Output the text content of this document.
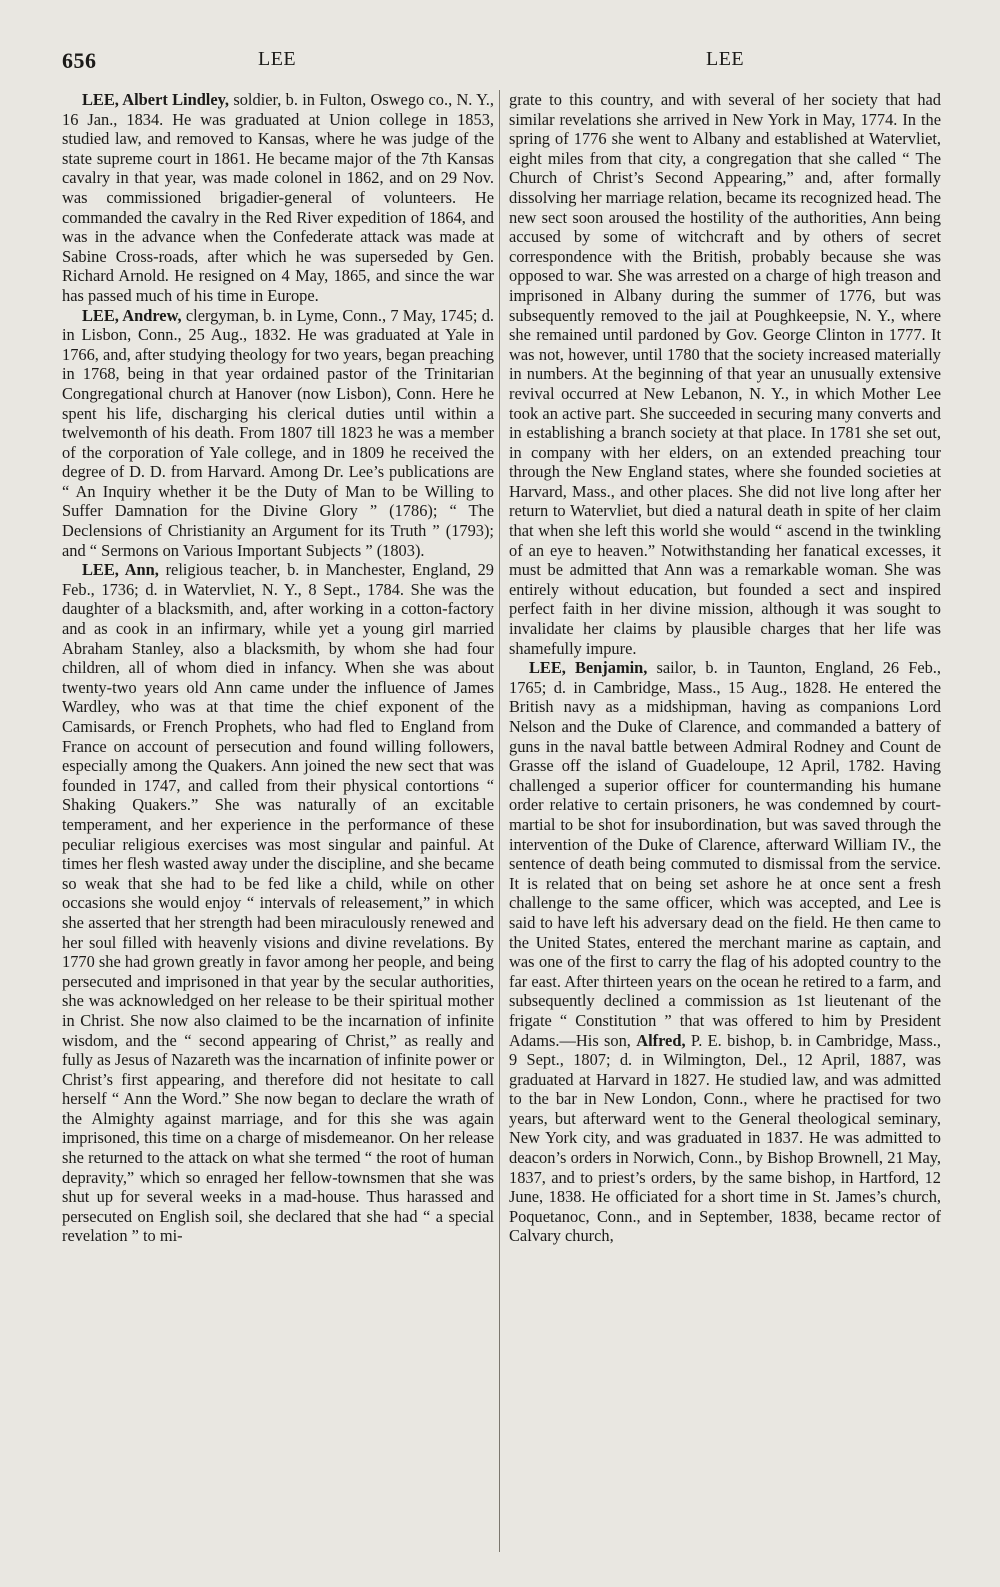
656	LEE	LEE

LEE, Albert Lindley, soldier, b. in Fulton, Oswego co., N. Y., 16 Jan., 1834. He was graduated at Union college in 1853, studied law, and removed to Kansas, where he was judge of the state supreme court in 1861. He became major of the 7th Kansas cavalry in that year, was made colonel in 1862, and on 29 Nov. was commissioned brigadier-general of volunteers. He commanded the cavalry in the Red River expedition of 1864, and was in the advance when the Confederate attack was made at Sabine Cross-roads, after which he was superseded by Gen. Richard Arnold. He resigned on 4 May, 1865, and since the war has passed much of his time in Europe.

LEE, Andrew, clergyman, b. in Lyme, Conn., 7 May, 1745; d. in Lisbon, Conn., 25 Aug., 1832. He was graduated at Yale in 1766, and, after studying theology for two years, began preaching in 1768, being in that year ordained pastor of the Trinitarian Congregational church at Hanover (now Lisbon), Conn. Here he spent his life, discharging his clerical duties until within a twelvemonth of his death. From 1807 till 1823 he was a member of the corporation of Yale college, and in 1809 he received the degree of D. D. from Harvard. Among Dr. Lee’s publications are “ An Inquiry whether it be the Duty of Man to be Willing to Suffer Damnation for the Divine Glory ” (1786); “ The Declensions of Christianity an Argument for its Truth ” (1793); and “ Sermons on Various Important Subjects ” (1803).

LEE, Ann, religious teacher, b. in Manchester, England, 29 Feb., 1736; d. in Watervliet, N. Y., 8 Sept., 1784. She was the daughter of a blacksmith, and, after working in a cotton-factory and as cook in an infirmary, while yet a young girl married Abraham Stanley, also a blacksmith, by whom she had four children, all of whom died in infancy. When she was about twenty-two years old Ann came under the influence of James Wardley, who was at that time the chief exponent of the Camisards, or French Prophets, who had fled to England from France on account of persecution and found willing followers, especially among the Quakers. Ann joined the new sect that was founded in 1747, and called from their physical contortions “ Shaking Quakers.” She was naturally of an excitable temperament, and her experience in the performance of these peculiar religious exercises was most singular and painful. At times her flesh wasted away under the discipline, and she became so weak that she had to be fed like a child, while on other occasions she would enjoy “ intervals of releasement,” in which she asserted that her strength had been miraculously renewed and her soul filled with heavenly visions and divine revelations. By 1770 she had grown greatly in favor among her people, and being persecuted and imprisoned in that year by the secular authorities, she was acknowledged on her release to be their spiritual mother in Christ. She now also claimed to be the incarnation of infinite wisdom, and the “ second appearing of Christ,” as really and fully as Jesus of Nazareth was the incarnation of infinite power or Christ’s first appearing, and therefore did not hesitate to call herself “ Ann the Word.” She now began to declare the wrath of the Almighty against marriage, and for this she was again imprisoned, this time on a charge of misdemeanor. On her release she returned to the attack on what she termed “ the root of human depravity,” which so enraged her fellow-townsmen that she was shut up for several weeks in a mad-house. Thus harassed and persecuted on English soil, she declared that she had “ a special revelation ” to mi-

grate to this country, and with several of her society that had similar revelations she arrived in New York in May, 1774. In the spring of 1776 she went to Albany and established at Watervliet, eight miles from that city, a congregation that she called “ The Church of Christ’s Second Appearing,” and, after formally dissolving her marriage relation, became its recognized head. The new sect soon aroused the hostility of the authorities, Ann being accused by some of witchcraft and by others of secret correspondence with the British, probably because she was opposed to war. She was arrested on a charge of high treason and imprisoned in Albany during the summer of 1776, but was subsequently removed to the jail at Poughkeepsie, N. Y., where she remained until pardoned by Gov. George Clinton in 1777. It was not, however, until 1780 that the society increased materially in numbers. At the beginning of that year an unusually extensive revival occurred at New Lebanon, N. Y., in which Mother Lee took an active part. She succeeded in securing many converts and in establishing a branch society at that place. In 1781 she set out, in company with her elders, on an extended preaching tour through the New England states, where she founded societies at Harvard, Mass., and other places. She did not live long after her return to Watervliet, but died a natural death in spite of her claim that when she left this world she would “ ascend in the twinkling of an eye to heaven.” Notwithstanding her fanatical excesses, it must be admitted that Ann was a remarkable woman. She was entirely without education, but founded a sect and inspired perfect faith in her divine mission, although it was sought to invalidate her claims by plausible charges that her life was shamefully impure.

LEE, Benjamin, sailor, b. in Taunton, England, 26 Feb., 1765; d. in Cambridge, Mass., 15 Aug., 1828. He entered the British navy as a midshipman, having as companions Lord Nelson and the Duke of Clarence, and commanded a battery of guns in the naval battle between Admiral Rodney and Count de Grasse off the island of Guadeloupe, 12 April, 1782. Having challenged a superior officer for countermanding his humane order relative to certain prisoners, he was condemned by court-martial to be shot for insubordination, but was saved through the intervention of the Duke of Clarence, afterward William IV., the sentence of death being commuted to dismissal from the service. It is related that on being set ashore he at once sent a fresh challenge to the same officer, which was accepted, and Lee is said to have left his adversary dead on the field. He then came to the United States, entered the merchant marine as captain, and was one of the first to carry the flag of his adopted country to the far east. After thirteen years on the ocean he retired to a farm, and subsequently declined a commission as 1st lieutenant of the frigate “ Constitution ” that was offered to him by President Adams.—His son, Alfred, P. E. bishop, b. in Cambridge, Mass., 9 Sept., 1807; d. in Wilmington, Del., 12 April, 1887, was graduated at Harvard in 1827. He studied law, and was admitted to the bar in New London, Conn., where he practised for two years, but afterward went to the General theological seminary, New York city, and was graduated in 1837. He was admitted to deacon’s orders in Norwich, Conn., by Bishop Brownell, 21 May, 1837, and to priest’s orders, by the same bishop, in Hartford, 12 June, 1838. He officiated for a short time in St. James’s church, Poquetanoc, Conn., and in September, 1838, became rector of Calvary church,
